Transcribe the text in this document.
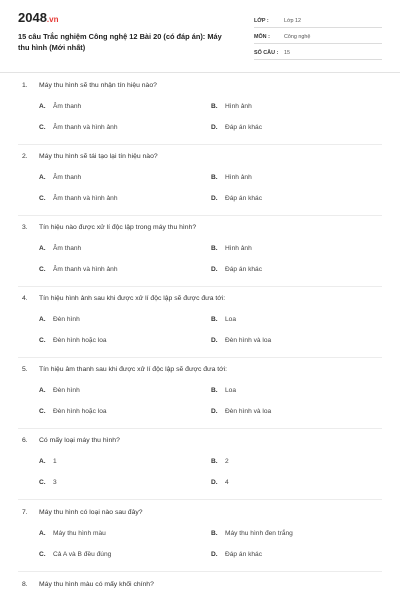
2048.vn
15 câu Trắc nghiệm Công nghệ 12 Bài 20 (có đáp án): Máy thu hình (Mới nhất)
LỚP :	Lớp 12
MÔN :	Công nghệ
SỐ CÂU :	15
1. Máy thu hình sẽ thu nhận tín hiệu nào?
A. Âm thanh	B. Hình ảnh
C. Âm thanh và hình ảnh	D. Đáp án khác
2. Máy thu hình sẽ tái tạo lại tín hiệu nào?
A. Âm thanh	B. Hình ảnh
C. Âm thanh và hình ảnh	D. Đáp án khác
3. Tín hiệu nào được xử lí độc lập trong máy thu hình?
A. Âm thanh	B. Hình ảnh
C. Âm thanh và hình ảnh	D. Đáp án khác
4. Tín hiệu hình ảnh sau khi được xử lí độc lập sẽ được đưa tới:
A. Đèn hình	B. Loa
C. Đèn hình hoặc loa	D. Đèn hình và loa
5. Tín hiệu âm thanh sau khi được xử lí độc lập sẽ được đưa tới:
A. Đèn hình	B. Loa
C. Đèn hình hoặc loa	D. Đèn hình và loa
6. Có mấy loại máy thu hình?
A. 1	B. 2
C. 3	D. 4
7. Máy thu hình có loại nào sau đây?
A. Máy thu hình màu	B. Máy thu hình đen trắng
C. Cả A và B đều đúng	D. Đáp án khác
8. Máy thu hình màu có mấy khối chính?
